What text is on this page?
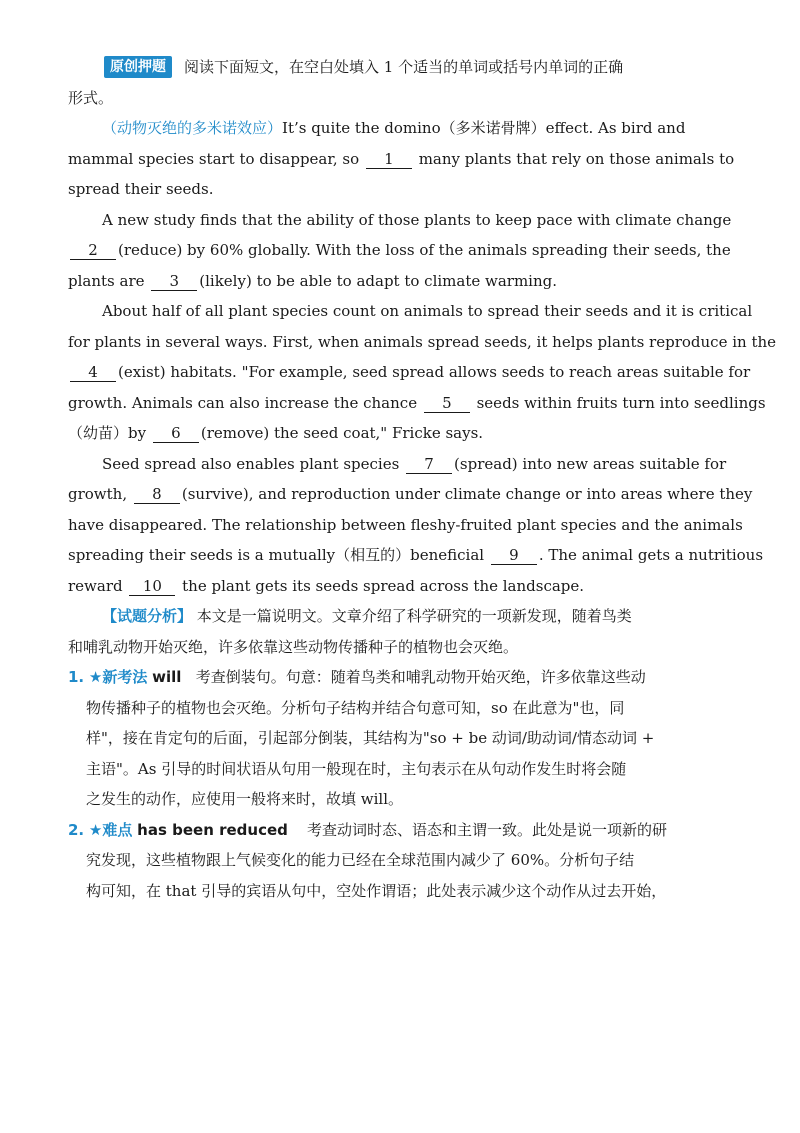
原创押题 阅读下面短文，在空白处填入 1 个适当的单词或括号内单词的正确
形式。
（动物灭绝的多米诺效应）It’s quite the domino（多米诺骨牌）effect. As bird and
mammal species start to disappear, so 1 many plants that rely on those animals to
spread their seeds.
A new study finds that the ability of those plants to keep pace with climate change
2 (reduce) by 60% globally. With the loss of the animals spreading their seeds, the
plants are 3 (likely) to be able to adapt to climate warming.
About half of all plant species count on animals to spread their seeds and it is critical
for plants in several ways. First, when animals spread seeds, it helps plants reproduce in the
4 (exist) habitats. "For example, seed spread allows seeds to reach areas suitable for
growth. Animals can also increase the chance 5 seeds within fruits turn into seedlings
（幼苗）by 6 (remove) the seed coat," Fricke says.
Seed spread also enables plant species 7 (spread) into new areas suitable for
growth, 8 (survive), and reproduction under climate change or into areas where they
have disappeared. The relationship between fleshy-fruited plant species and the animals
spreading their seeds is a mutually（相互的）beneficial 9 . The animal gets a nutritious
reward 10 the plant gets its seeds spread across the landscape.
【试题分析】 本文是一篇说明文。文章介绍了科学研究的一项新发现，随着鸟类
和哺乳动物开始灭绝，许多依靠这些动物传播种子的植物也会灭绝。
1. ★新考法 will 考查倒装句。句意：随着鸟类和哺乳动物开始灭绝，许多依靠这些动
物传播种子的植物也会灭绝。分析句子结构并结合句意可知，so 在此意为"也，同
样"，接在肯定句的后面，引起部分倒装，其结构为"so + be 动词/助动词/情态动词 +
主语"。As 引导的时间状语从句用一般现在时，主句表示在从句动作发生时将会随
之发生的动作，应使用一般将来时，故填 will。
2. ★难点 has been reduced 考查动词时态、语态和主谓一致。此处是说一项新的研
究发现，这些植物跟上气候变化的能力已经在全球范围内减少了 60%。分析句子结
构可知，在 that 引导的宾语从句中，空处作谓语；此处表示减少这个动作从过去开始，
